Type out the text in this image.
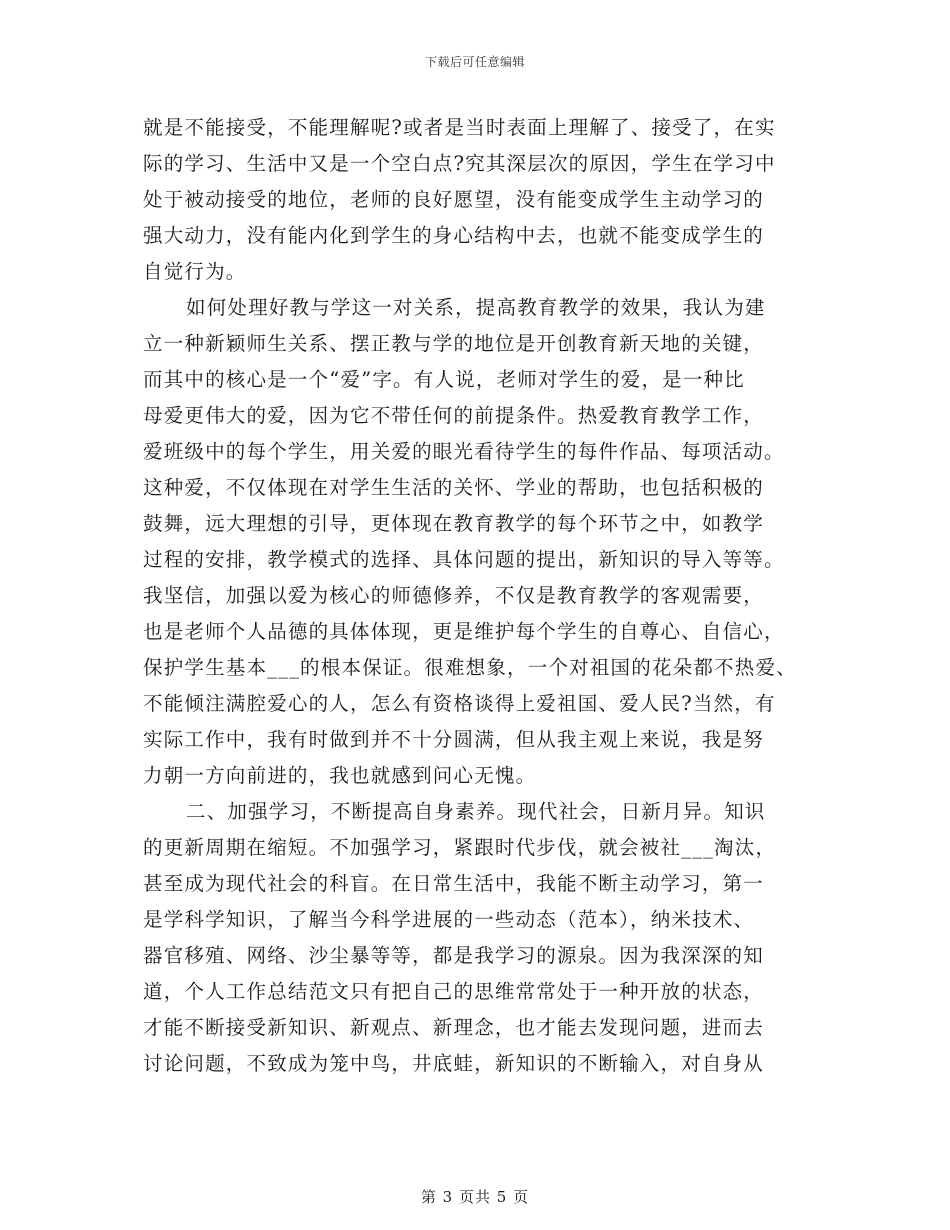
下载后可任意编辑
就是不能接受，不能理解呢?或者是当时表面上理解了、接受了，在实
际的学习、生活中又是一个空白点?究其深层次的原因，学生在学习中
处于被动接受的地位，老师的良好愿望，没有能变成学生主动学习的
强大动力，没有能内化到学生的身心结构中去，也就不能变成学生的
自觉行为。
如何处理好教与学这一对关系，提高教育教学的效果，我认为建
立一种新颖师生关系、摆正教与学的地位是开创教育新天地的关键，
而其中的核心是一个“爱”字。有人说，老师对学生的爱，是一种比
母爱更伟大的爱，因为它不带任何的前提条件。热爱教育教学工作，
爱班级中的每个学生，用关爱的眼光看待学生的每件作品、每项活动。
这种爱，不仅体现在对学生生活的关怀、学业的帮助，也包括积极的
鼓舞，远大理想的引导，更体现在教育教学的每个环节之中，如教学
过程的安排，教学模式的选择、具体问题的提出，新知识的导入等等。
我坚信，加强以爱为核心的师德修养，不仅是教育教学的客观需要，
也是老师个人品德的具体体现，更是维护每个学生的自尊心、自信心，
保护学生基本___的根本保证。很难想象，一个对祖国的花朵都不热爱、
不能倾注满腔爱心的人，怎么有资格谈得上爱祖国、爱人民?当然，有
实际工作中，我有时做到并不十分圆满，但从我主观上来说，我是努
力朝一方向前进的，我也就感到问心无愧。
二、加强学习，不断提高自身素养。现代社会，日新月异。知识
的更新周期在缩短。不加强学习，紧跟时代步伐，就会被社___淘汰，
甚至成为现代社会的科盲。在日常生活中，我能不断主动学习，第一
是学科学知识，了解当今科学进展的一些动态（范本），纳米技术、
器官移殖、网络、沙尘暴等等，都是我学习的源泉。因为我深深的知
道，个人工作总结范文只有把自己的思维常常处于一种开放的状态，
才能不断接受新知识、新观点、新理念，也才能去发现问题，进而去
讨论问题，不致成为笼中鸟，井底蛙，新知识的不断输入，对自身从
第 3 页共 5 页
